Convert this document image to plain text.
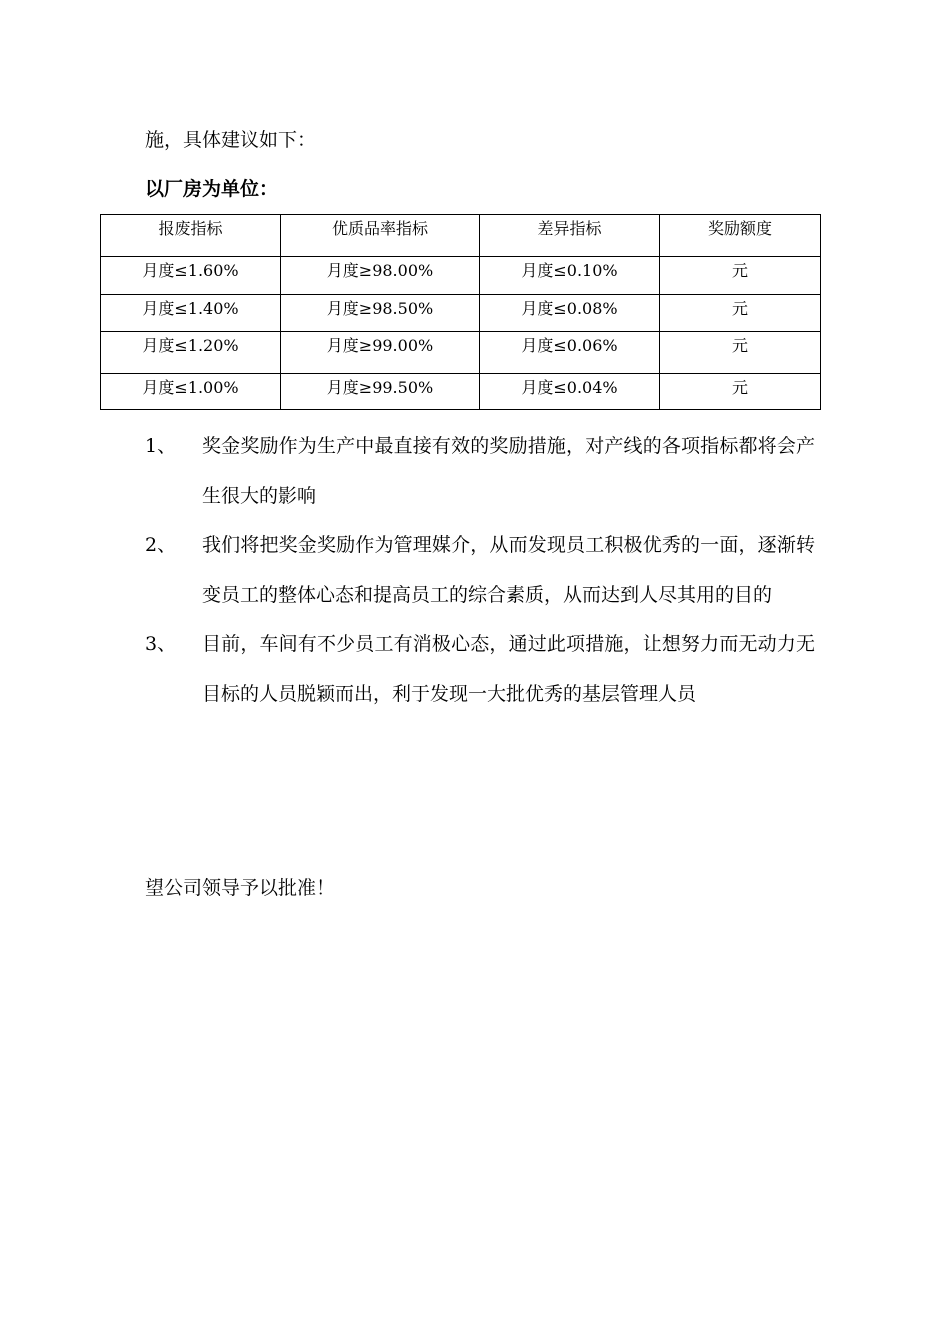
施，具体建议如下：

以厂房为单位：

报废指标	优质品率指标	差异指标	奖励额度
月度≤1.60%	月度≥98.00%	月度≤0.10%	元
月度≤1.40%	月度≥98.50%	月度≤0.08%	元
月度≤1.20%	月度≥99.00%	月度≤0.06%	元
月度≤1.00%	月度≥99.50%	月度≤0.04%	元
1、	奖金奖励作为生产中最直接有效的奖励措施，对产线的各项指标都将会产生很大的影响
2、	我们将把奖金奖励作为管理媒介，从而发现员工积极优秀的一面，逐渐转变员工的整体心态和提高员工的综合素质，从而达到人尽其用的目的
3、	目前，车间有不少员工有消极心态，通过此项措施，让想努力而无动力无目标的人员脱颖而出，利于发现一大批优秀的基层管理人员

望公司领导予以批准！
